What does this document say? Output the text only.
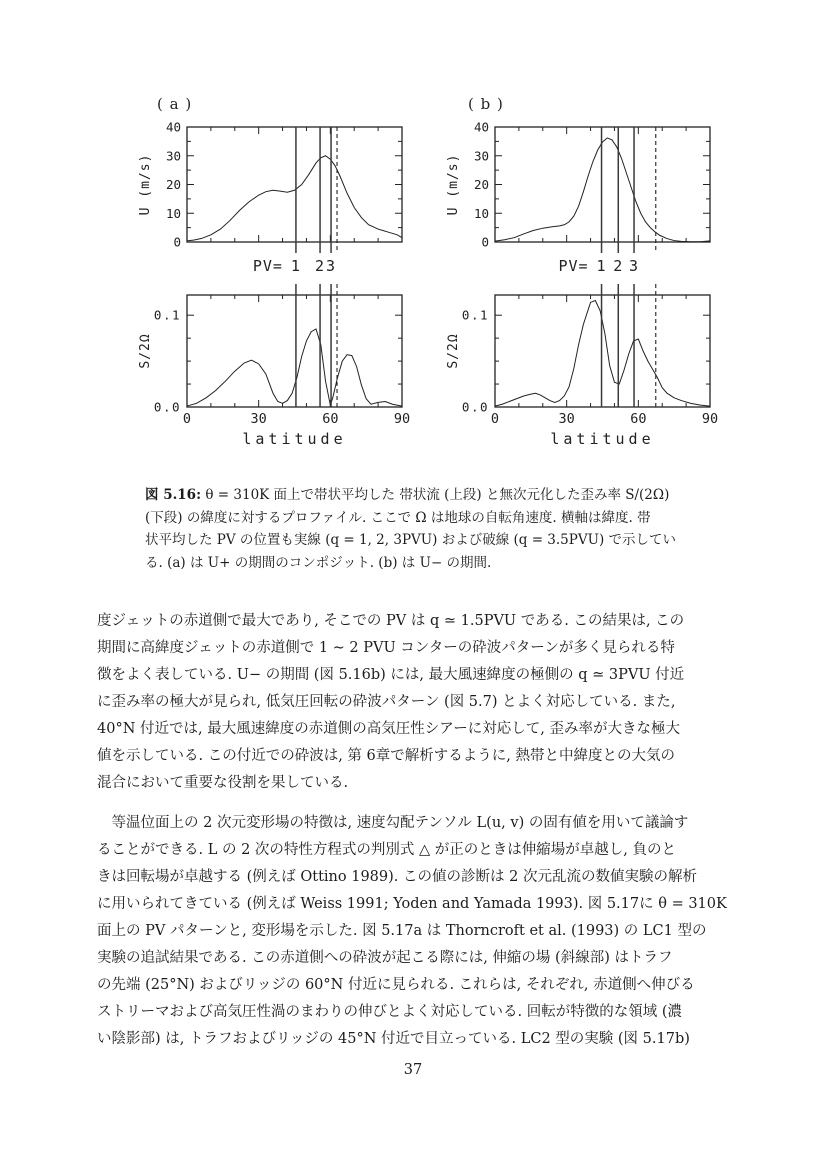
( a )
0
10
20
30
40
U (m/s)
0.0
0.1
S/2Ω
0	30	60	90
latitude
1 2 3
PV=
( b )
0
10
20
30
40
U (m/s)
0.0
0.1
S/2Ω
0	30	60	90
latitude
1 2 3
PV=
図 5.16: θ = 310K 面上で帯状平均した 帯状流 (上段) と無次元化した歪み率 S/(2Ω)
(下段) の緯度に対するプロファイル. ここで Ω は地球の自転角速度. 横軸は緯度. 帯
状平均した PV の位置も実線 (q = 1, 2, 3PVU) および破線 (q = 3.5PVU) で示してい
る. (a) は U+ の期間のコンポジット. (b) は U− の期間.
度ジェットの赤道側で最大であり, そこでの PV は q ≃ 1.5PVU である. この結果は, この
期間に高緯度ジェットの赤道側で 1 ∼ 2 PVU コンターの砕波パターンが多く見られる特
徴をよく表している. U− の期間 (図 5.16b) には, 最大風速緯度の極側の q ≃ 3PVU 付近
に歪み率の極大が見られ, 低気圧回転の砕波パターン (図 5.7) とよく対応している. また,
40°N 付近では, 最大風速緯度の赤道側の高気圧性シアーに対応して, 歪み率が大きな極大
値を示している. この付近での砕波は, 第 6章で解析するように, 熱帯と中緯度との大気の
混合において重要な役割を果している.
　等温位面上の 2 次元変形場の特徴は, 速度勾配テンソル L(u, v) の固有値を用いて議論す
ることができる. L の 2 次の特性方程式の判別式 △ が正のときは伸縮場が卓越し, 負のと
きは回転場が卓越する (例えば Ottino 1989). この値の診断は 2 次元乱流の数値実験の解析
に用いられてきている (例えば Weiss 1991; Yoden and Yamada 1993). 図 5.17に θ = 310K
面上の PV パターンと, 変形場を示した. 図 5.17a は Thorncroft et al. (1993) の LC1 型の
実験の追試結果である. この赤道側への砕波が起こる際には, 伸縮の場 (斜線部) はトラフ
の先端 (25°N) およびリッジの 60°N 付近に見られる. これらは, それぞれ, 赤道側へ伸びる
ストリーマおよび高気圧性渦のまわりの伸びとよく対応している. 回転が特徴的な領域 (濃
い陰影部) は, トラフおよびリッジの 45°N 付近で目立っている. LC2 型の実験 (図 5.17b)
37
